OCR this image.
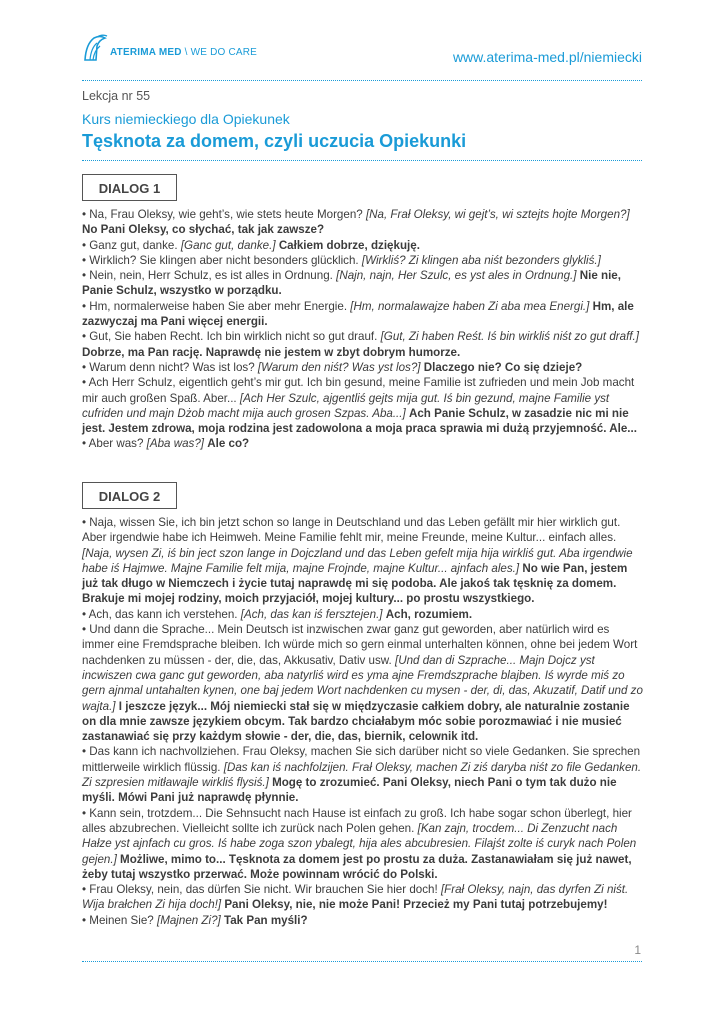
ATERIMA MED \ WE DO CARE	www.aterima-med.pl/niemiecki
Lekcja nr 55
Kurs niemieckiego dla Opiekunek
Tęsknota za domem, czyli uczucia Opiekunki
DIALOG 1

• Na, Frau Oleksy, wie geht’s, wie stets heute Morgen? [Na, Frał Oleksy, wi gejt’s, wi sztejts hojte Morgen?] No Pani Oleksy, co słychać, tak jak zawsze?

• Ganz gut, danke. [Ganc gut, danke.] Całkiem dobrze, dziękuję.

• Wirklich? Sie klingen aber nicht besonders glücklich. [Wirkliś? Zi klingen aba niśt bezonders glykliś.]

• Nein, nein, Herr Schulz, es ist alles in Ordnung. [Najn, najn, Her Szulc, es yst ales in Ordnung.] Nie nie, Panie Schulz, wszystko w porządku.

• Hm, normalerweise haben Sie aber mehr Energie. [Hm, normalawajze haben Zi aba mea Energi.] Hm, ale zazwyczaj ma Pani więcej energii.

• Gut, Sie haben Recht. Ich bin wirklich nicht so gut drauf. [Gut, Zi haben Reśt. Iś bin wirkliś niśt zo gut draff.] Dobrze, ma Pan rację. Naprawdę nie jestem w zbyt dobrym humorze.

• Warum denn nicht? Was ist los? [Warum den niśt? Was yst los?] Dlaczego nie? Co się dzieje?

• Ach Herr Schulz, eigentlich geht’s mir gut. Ich bin gesund, meine Familie ist zufrieden und mein Job macht mir auch großen Spaß. Aber... [Ach Her Szulc, ajgentliś gejts mija gut. Iś bin gezund, majne Familie yst cufriden und majn Dżob macht mija auch grosen Szpas. Aba...] Ach Panie Schulz, w zasadzie nic mi nie jest. Jestem zdrowa, moja rodzina jest zadowolona a moja praca sprawia mi dużą przyjemność. Ale...

• Aber was? [Aba was?] Ale co?

DIALOG 2

• Naja, wissen Sie, ich bin jetzt schon so lange in Deutschland und das Leben gefällt mir hier wirklich gut. Aber irgendwie habe ich Heimweh. Meine Familie fehlt mir, meine Freunde, meine Kultur... einfach alles. [Naja, wysen Zi, iś bin ject szon lange in Dojczland und das Leben gefelt mija hija wirkliś gut. Aba irgendwie habe iś Hajmwe. Majne Familie felt mija, majne Frojnde, majne Kultur... ajnfach ales.] No wie Pan, jestem już tak długo w Niemczech i życie tutaj naprawdę mi się podoba. Ale jakoś tak tęsknię za domem. Brakuje mi mojej rodziny, moich przyjaciół, mojej kultury... po prostu wszystkiego.

• Ach, das kann ich verstehen. [Ach, das kan iś fersztejen.] Ach, rozumiem.

• Und dann die Sprache... Mein Deutsch ist inzwischen zwar ganz gut geworden, aber natürlich wird es immer eine Fremdsprache bleiben. Ich würde mich so gern einmal unterhalten können, ohne bei jedem Wort nachdenken zu müssen - der, die, das, Akkusativ, Dativ usw. [Und dan di Szprache... Majn Dojcz yst incwiszen cwa ganc gut geworden, aba natyrliś wird es yma ajne Fremdszprache blajben. Iś wyrde miś zo gern ajnmal untahalten kynen, one baj jedem Wort nachdenken cu mysen - der, di, das, Akuzatif, Datif und zo wajta.] I jeszcze język... Mój niemiecki stał się w międzyczasie całkiem dobry, ale naturalnie zostanie on dla mnie zawsze językiem obcym. Tak bardzo chciałabym móc sobie porozmawiać i nie musieć zastanawiać się przy każdym słowie - der, die, das, biernik, celownik itd.

• Das kann ich nachvollziehen. Frau Oleksy, machen Sie sich darüber nicht so viele Gedanken. Sie sprechen mittlerweile wirklich flüssig. [Das kan iś nachfolzijen. Frał Oleksy, machen Zi ziś daryba niśt zo file Gedanken. Zi szpresien mitławajle wirkliś flysiś.] Mogę to zrozumieć. Pani Oleksy, niech Pani o tym tak dużo nie myśli. Mówi Pani już naprawdę płynnie.

• Kann sein, trotzdem... Die Sehnsucht nach Hause ist einfach zu groß. Ich habe sogar schon überlegt, hier alles abzubrechen. Vielleicht sollte ich zurück nach Polen gehen. [Kan zajn, trocdem... Di Zenzucht nach Hałze yst ajnfach cu gros. Iś habe zoga szon ybalegt, hija ales abcubresien. Filajśt zolte iś curyk nach Polen gejen.] Możliwe, mimo to... Tęsknota za domem jest po prostu za duża. Zastanawiałam się już nawet, żeby tutaj wszystko przerwać. Może powinnam wrócić do Polski.

• Frau Oleksy, nein, das dürfen Sie nicht. Wir brauchen Sie hier doch! [Frał Oleksy, najn, das dyrfen Zi niśt. Wija brałchen Zi hija doch!] Pani Oleksy, nie, nie może Pani! Przecież my Pani tutaj potrzebujemy!

• Meinen Sie? [Majnen Zi?] Tak Pan myśli?

1
